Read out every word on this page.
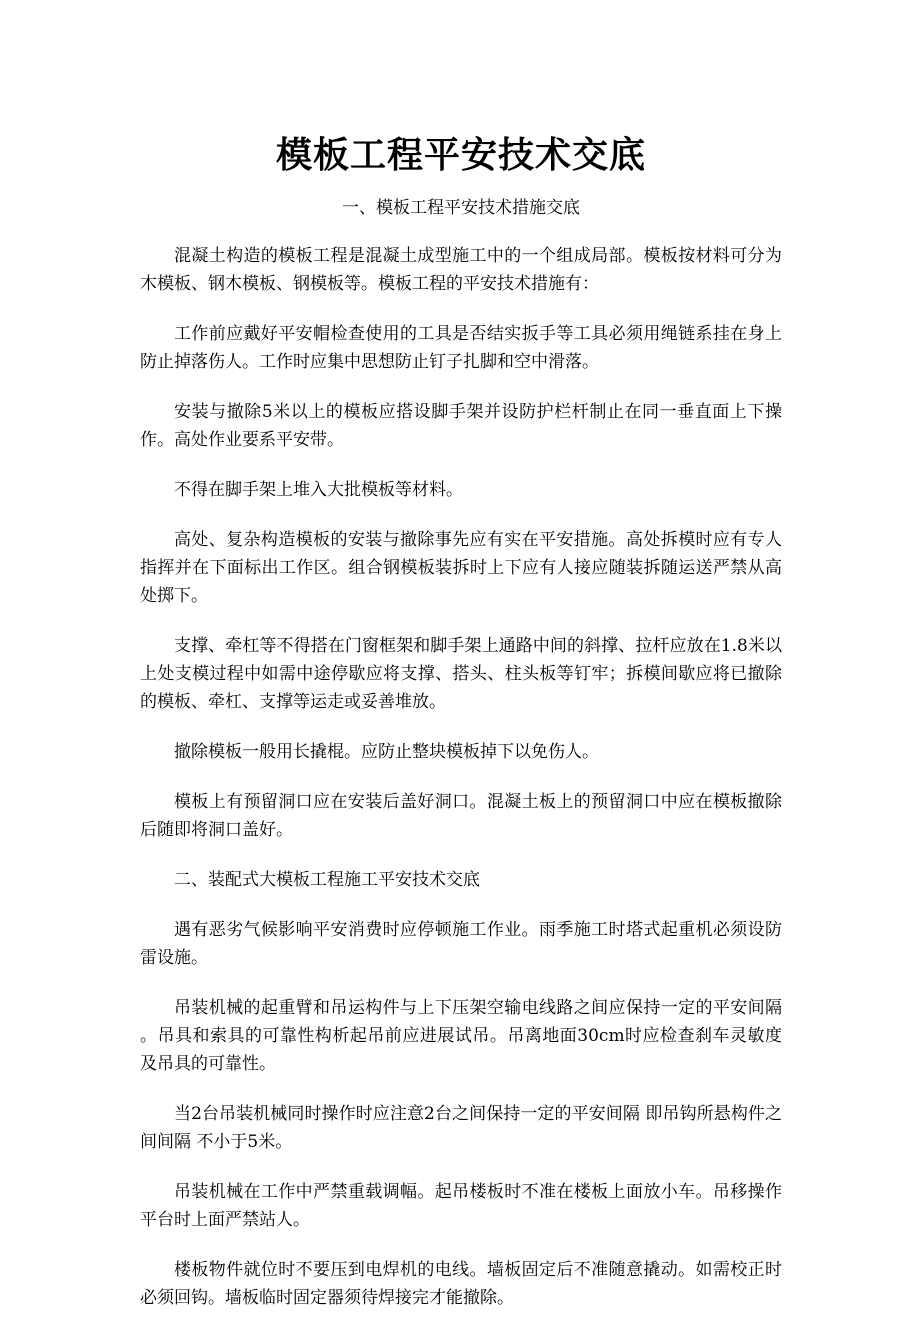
模板工程平安技术交底

一、模板工程平安技术措施交底

混凝土构造的模板工程是混凝土成型施工中的一个组成局部。模板按材料可分为木模板、钢木模板、钢模板等。模板工程的平安技术措施有：

工作前应戴好平安帽检查使用的工具是否结实扳手等工具必须用绳链系挂在身上防止掉落伤人。工作时应集中思想防止钉子扎脚和空中滑落。

安装与撤除5米以上的模板应搭设脚手架并设防护栏杆制止在同一垂直面上下操作。高处作业要系平安带。

不得在脚手架上堆入大批模板等材料。

高处、复杂构造模板的安装与撤除事先应有实在平安措施。高处拆模时应有专人指挥并在下面标出工作区。组合钢模板装拆时上下应有人接应随装拆随运送严禁从高处掷下。

支撑、牵杠等不得搭在门窗框架和脚手架上通路中间的斜撑、拉杆应放在1.8米以上处支模过程中如需中途停歇应将支撑、搭头、柱头板等钉牢；拆模间歇应将已撤除的模板、牵杠、支撑等运走或妥善堆放。

撤除模板一般用长撬棍。应防止整块模板掉下以免伤人。

模板上有预留洞口应在安装后盖好洞口。混凝土板上的预留洞口中应在模板撤除后随即将洞口盖好。

二、装配式大模板工程施工平安技术交底

遇有恶劣气候影响平安消费时应停顿施工作业。雨季施工时塔式起重机必须设防雷设施。

吊装机械的起重臂和吊运构件与上下压架空输电线路之间应保持一定的平安间隔 。吊具和索具的可靠性构析起吊前应进展试吊。吊离地面30cm时应检查刹车灵敏度及吊具的可靠性。

当2台吊装机械同时操作时应注意2台之间保持一定的平安间隔 即吊钩所悬构件之间间隔 不小于5米。

吊装机械在工作中严禁重载调幅。起吊楼板时不准在楼板上面放小车。吊移操作平台时上面严禁站人。

楼板物件就位时不要压到电焊机的电线。墙板固定后不准随意撬动。如需校正时必须回钩。墙板临时固定器须待焊接完才能撤除。
